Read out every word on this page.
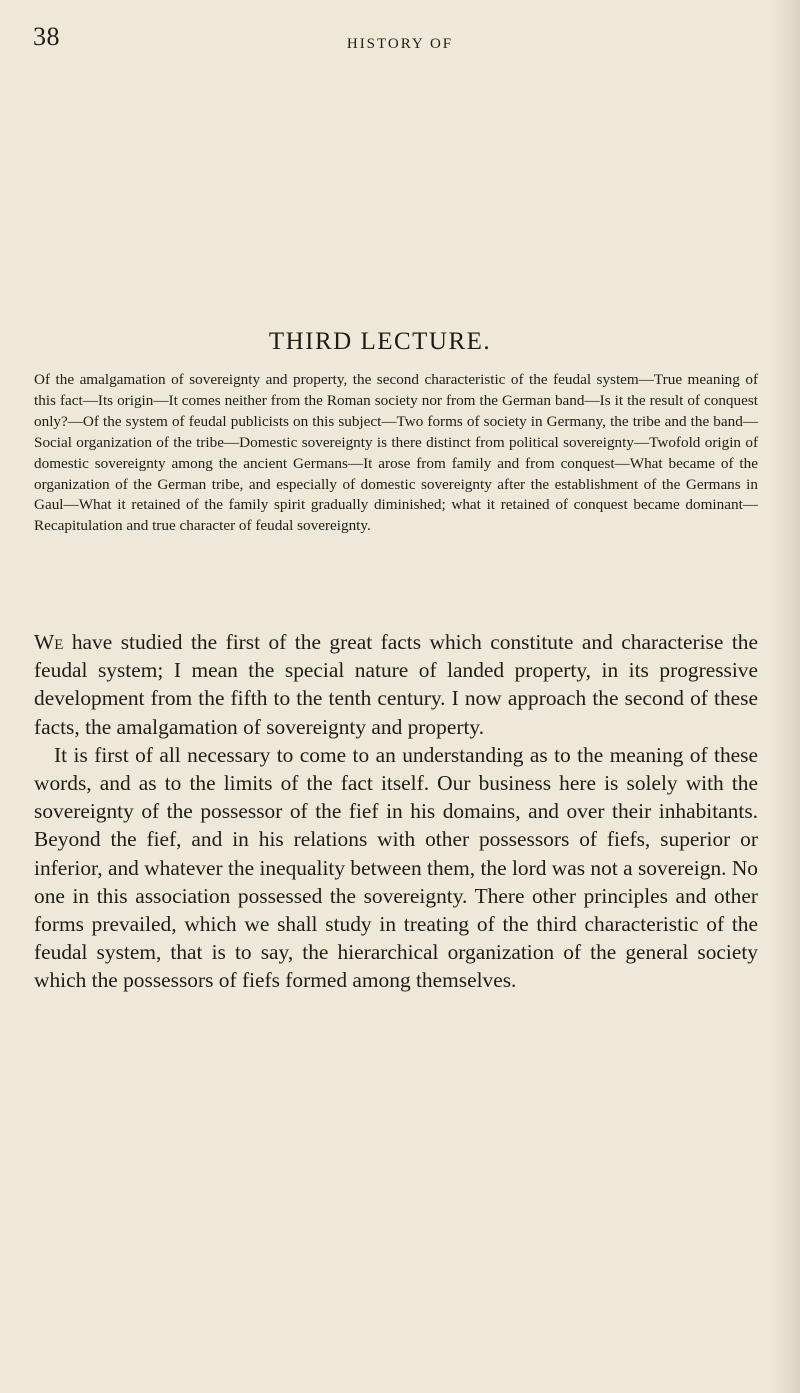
38	HISTORY OF
THIRD LECTURE.
Of the amalgamation of sovereignty and property, the second characteristic of the feudal system—True meaning of this fact—Its origin—It comes neither from the Roman society nor from the German band—Is it the result of conquest only?—Of the system of feudal publicists on this subject—Two forms of society in Germany, the tribe and the band—Social organization of the tribe—Domestic sovereignty is there distinct from political sovereignty—Twofold origin of domestic sovereignty among the ancient Germans—It arose from family and from conquest—What became of the organization of the German tribe, and especially of domestic sovereignty after the establishment of the Germans in Gaul—What it retained of the family spirit gradually diminished; what it retained of conquest became dominant—Recapitulation and true character of feudal sovereignty.

We have studied the first of the great facts which constitute and characterise the feudal system; I mean the special nature of landed property, in its progressive development from the fifth to the tenth century. I now approach the second of these facts, the amalgamation of sovereignty and property.

It is first of all necessary to come to an understanding as to the meaning of these words, and as to the limits of the fact itself. Our business here is solely with the sovereignty of the possessor of the fief in his domains, and over their inhabitants. Beyond the fief, and in his relations with other possessors of fiefs, superior or inferior, and whatever the inequality between them, the lord was not a sovereign. No one in this association possessed the sovereignty. There other principles and other forms prevailed, which we shall study in treating of the third characteristic of the feudal system, that is to say, the hierarchical organization of the general society which the possessors of fiefs formed among themselves.
